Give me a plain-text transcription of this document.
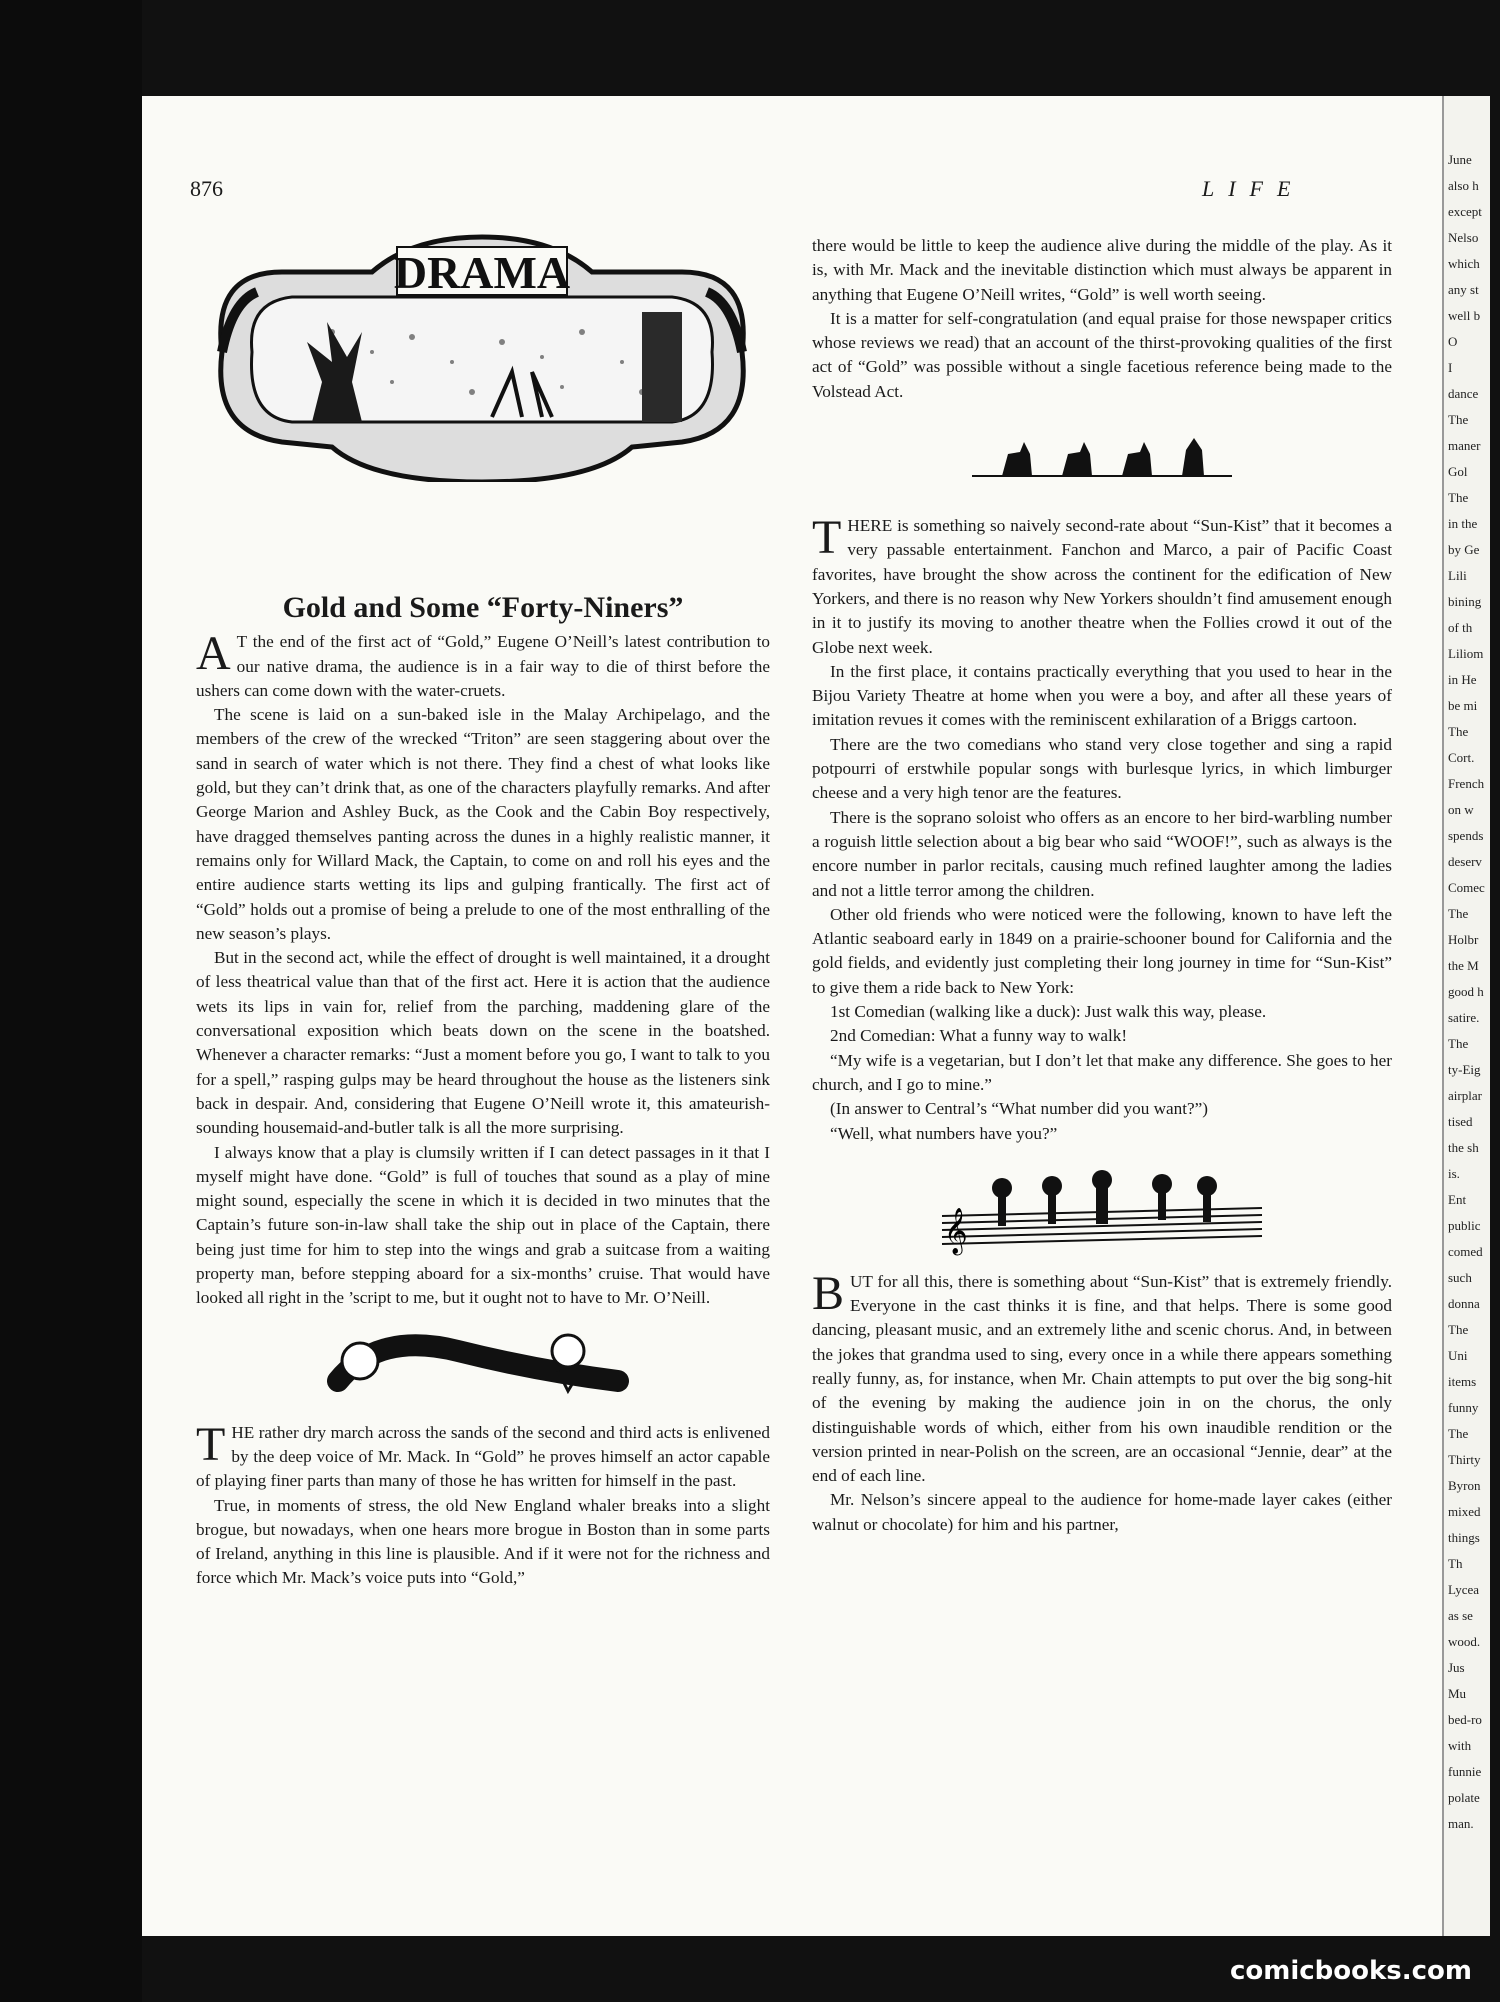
876	LIFE
DRAMA
Gold and Some “Forty-Niners”

A T the end of the first act of “Gold,” Eugene O’Neill’s latest contribution to our native drama, the audience is in a fair way to die of thirst before the ushers can come down with the water-cruets.

The scene is laid on a sun-baked isle in the Malay Archipelago, and the members of the crew of the wrecked “Triton” are seen staggering about over the sand in search of water which is not there. They find a chest of what looks like gold, but they can’t drink that, as one of the characters playfully remarks. And after George Marion and Ashley Buck, as the Cook and the Cabin Boy respectively, have dragged themselves panting across the dunes in a highly realistic manner, it remains only for Willard Mack, the Captain, to come on and roll his eyes and the entire audience starts wetting its lips and gulping frantically. The first act of “Gold” holds out a promise of being a prelude to one of the most enthralling of the new season’s plays.

But in the second act, while the effect of drought is well maintained, it a drought of less theatrical value than that of the first act. Here it is action that the audience wets its lips in vain for, relief from the parching, maddening glare of the conversational exposition which beats down on the scene in the boatshed. Whenever a character remarks: “Just a moment before you go, I want to talk to you for a spell,” rasping gulps may be heard throughout the house as the listeners sink back in despair. And, considering that Eugene O’Neill wrote it, this amateurish-sounding housemaid-and-butler talk is all the more surprising.

I always know that a play is clumsily written if I can detect passages in it that I myself might have done. “Gold” is full of touches that sound as a play of mine might sound, especially the scene in which it is decided in two minutes that the Captain’s future son-in-law shall take the ship out in place of the Captain, there being just time for him to step into the wings and grab a suitcase from a waiting property man, before stepping aboard for a six-months’ cruise. That would have looked all right in the ’script to me, but it ought not to have to Mr. O’Neill.

THE rather dry march across the sands of the second and third acts is enlivened by the deep voice of Mr. Mack. In “Gold” he proves himself an actor capable of playing finer parts than many of those he has written for himself in the past.

True, in moments of stress, the old New England whaler breaks into a slight brogue, but nowadays, when one hears more brogue in Boston than in some parts of Ireland, anything in this line is plausible. And if it were not for the richness and force which Mr. Mack’s voice puts into “Gold,”

there would be little to keep the audience alive during the middle of the play. As it is, with Mr. Mack and the inevitable distinction which must always be apparent in anything that Eugene O’Neill writes, “Gold” is well worth seeing.

It is a matter for self-congratulation (and equal praise for those newspaper critics whose reviews we read) that an account of the thirst-provoking qualities of the first act of “Gold” was possible without a single facetious reference being made to the Volstead Act.

THERE is something so naively second-rate about “Sun-Kist” that it becomes a very passable entertainment. Fanchon and Marco, a pair of Pacific Coast favorites, have brought the show across the continent for the edification of New Yorkers, and there is no reason why New Yorkers shouldn’t find amusement enough in it to justify its moving to another theatre when the Follies crowd it out of the Globe next week.

In the first place, it contains practically everything that you used to hear in the Bijou Variety Theatre at home when you were a boy, and after all these years of imitation revues it comes with the reminiscent exhilaration of a Briggs cartoon.

There are the two comedians who stand very close together and sing a rapid potpourri of erstwhile popular songs with burlesque lyrics, in which limburger cheese and a very high tenor are the features.

There is the soprano soloist who offers as an encore to her bird-warbling number a roguish little selection about a big bear who said “WOOF!”, such as always is the encore number in parlor recitals, causing much refined laughter among the ladies and not a little terror among the children.

Other old friends who were noticed were the following, known to have left the Atlantic seaboard early in 1849 on a prairie-schooner bound for California and the gold fields, and evidently just completing their long journey in time for “Sun-Kist” to give them a ride back to New York:

1st Comedian (walking like a duck): Just walk this way, please.

2nd Comedian: What a funny way to walk!

“My wife is a vegetarian, but I don’t let that make any difference. She goes to her church, and I go to mine.”

(In answer to Central’s “What number did you want?”)

“Well, what numbers have you?”

𝄞

BUT for all this, there is something about “Sun-Kist” that is extremely friendly. Everyone in the cast thinks it is fine, and that helps. There is some good dancing, pleasant music, and an extremely lithe and scenic chorus. And, in between the jokes that grandma used to sing, every once in a while there appears something really funny, as, for instance, when Mr. Chain attempts to put over the big song-hit of the evening by making the audience join in on the chorus, the only distinguishable words of which, either from his own inaudible rendition or the version printed in near-Polish on the screen, are an occasional “Jennie, dear” at the end of each line.

Mr. Nelson’s sincere appeal to the audience for home-made layer cakes (either walnut or chocolate) for him and his partner,

June
also h
except
Nelso
which
any st
well b
O
I
dance
The
maner
Gol
The
in the
by Ge
Lili
bining
of th
Liliom
in He
be mi
The
Cort.
French
on w
spends
deserv
Comec
The
Holbr
the M
good h
satire.
The
ty-Eig
airplar
tised
the sh
is.
Ent
public
comed
such
donna
The
Uni
items
funny
The
Thirty
Byron
mixed
things
Th
Lycea
as se
wood.
Jus
Mu
bed-ro
with
funnie
polate
man.
comicbooks.com
